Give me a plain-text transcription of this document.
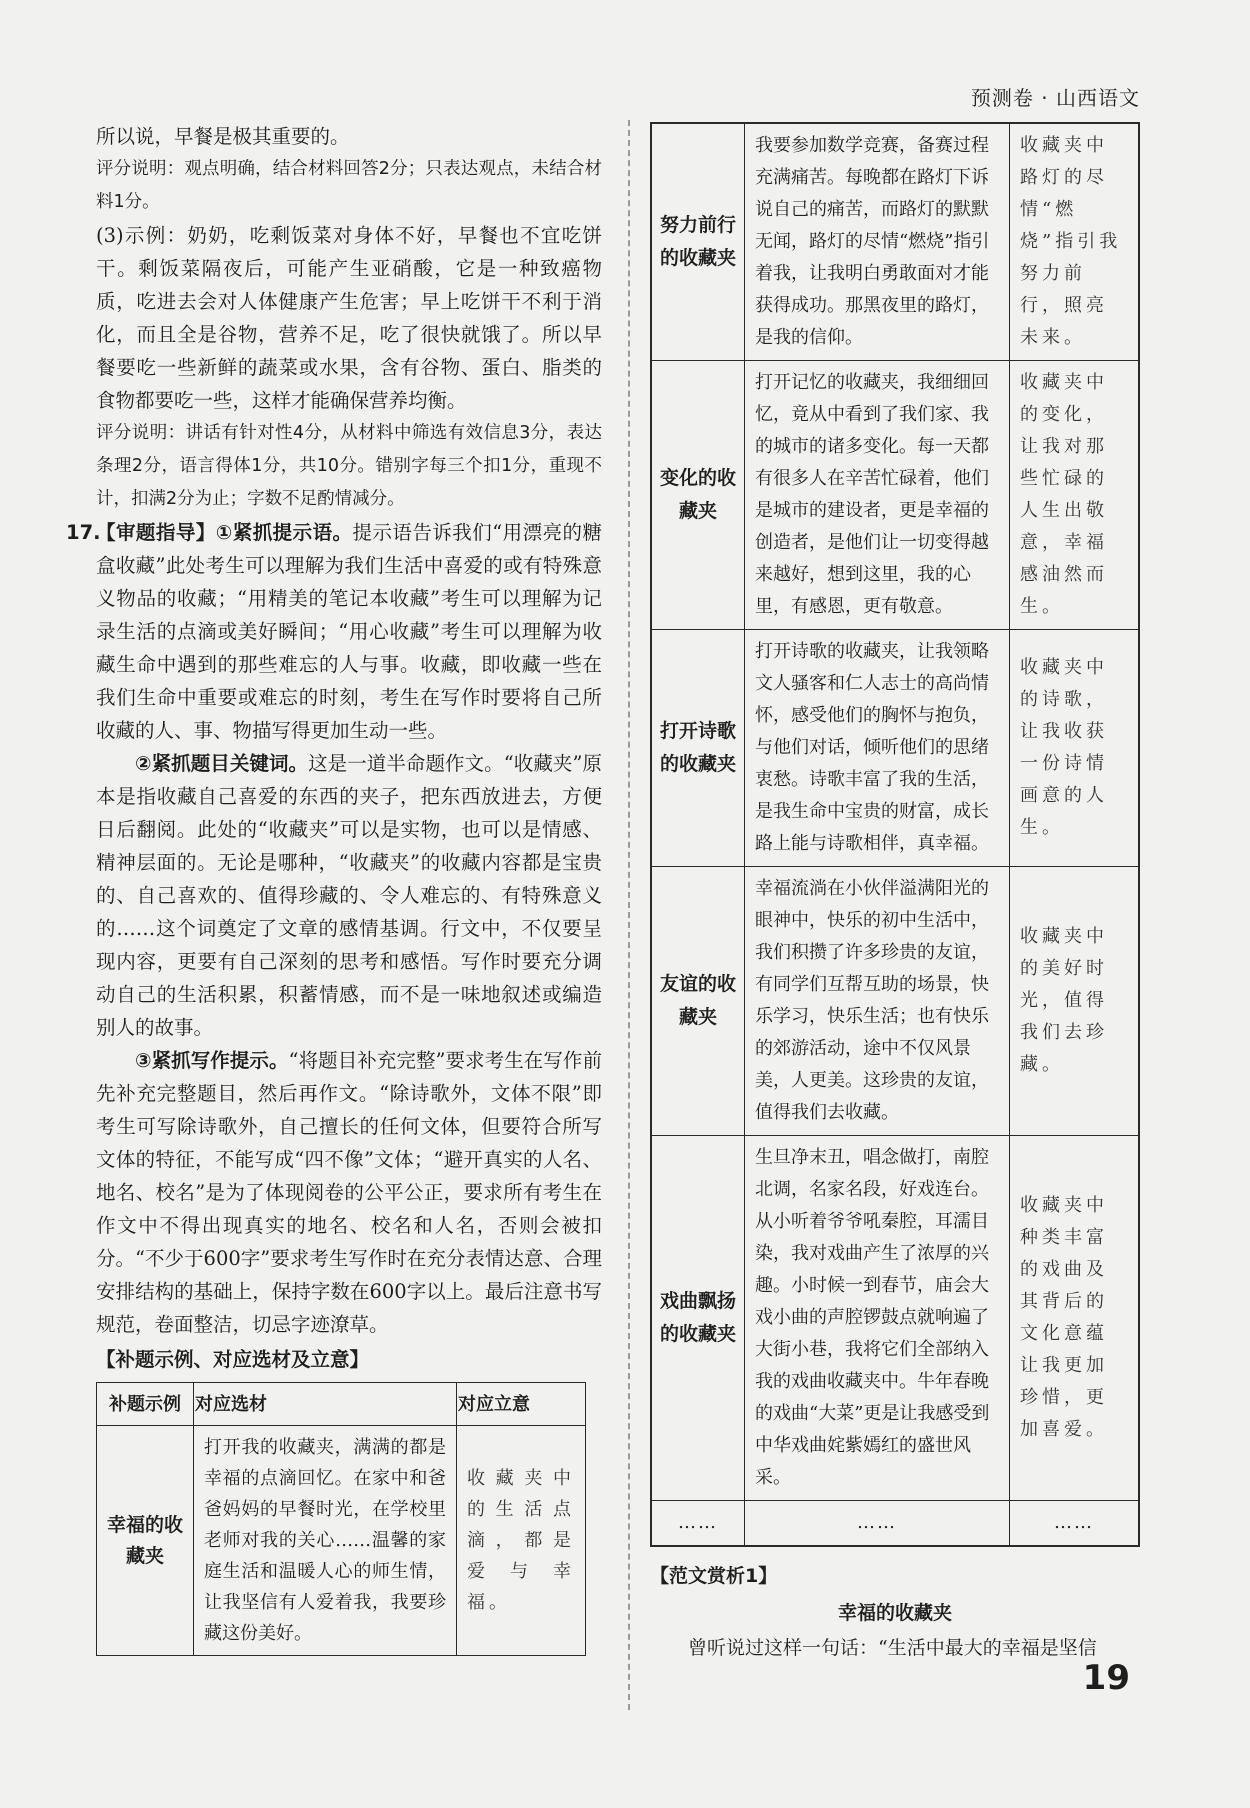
预测卷 · 山西语文

所以说，早餐是极其重要的。

评分说明：观点明确，结合材料回答2分；只表达观点，未结合材料1分。

(3)示例：奶奶，吃剩饭菜对身体不好，早餐也不宜吃饼干。剩饭菜隔夜后，可能产生亚硝酸，它是一种致癌物质，吃进去会对人体健康产生危害；早上吃饼干不利于消化，而且全是谷物，营养不足，吃了很快就饿了。所以早餐要吃一些新鲜的蔬菜或水果，含有谷物、蛋白、脂类的食物都要吃一些，这样才能确保营养均衡。

评分说明：讲话有针对性4分，从材料中筛选有效信息3分，表达条理2分，语言得体1分，共10分。错别字每三个扣1分，重现不计，扣满2分为止；字数不足酌情减分。

17.

【审题指导】①紧抓提示语。提示语告诉我们“用漂亮的糖盒收藏”此处考生可以理解为我们生活中喜爱的或有特殊意义物品的收藏；“用精美的笔记本收藏”考生可以理解为记录生活的点滴或美好瞬间；“用心收藏”考生可以理解为收藏生命中遇到的那些难忘的人与事。收藏，即收藏一些在我们生命中重要或难忘的时刻，考生在写作时要将自己所收藏的人、事、物描写得更加生动一些。

②紧抓题目关键词。这是一道半命题作文。“收藏夹”原本是指收藏自己喜爱的东西的夹子，把东西放进去，方便日后翻阅。此处的“收藏夹”可以是实物，也可以是情感、精神层面的。无论是哪种，“收藏夹”的收藏内容都是宝贵的、自己喜欢的、值得珍藏的、令人难忘的、有特殊意义的……这个词奠定了文章的感情基调。行文中，不仅要呈现内容，更要有自己深刻的思考和感悟。写作时要充分调动自己的生活积累，积蓄情感，而不是一味地叙述或编造别人的故事。

③紧抓写作提示。“将题目补充完整”要求考生在写作前先补充完整题目，然后再作文。“除诗歌外，文体不限”即考生可写除诗歌外，自己擅长的任何文体，但要符合所写文体的特征，不能写成“四不像”文体；“避开真实的人名、地名、校名”是为了体现阅卷的公平公正，要求所有考生在作文中不得出现真实的地名、校名和人名，否则会被扣分。“不少于600字”要求考生写作时在充分表情达意、合理安排结构的基础上，保持字数在600字以上。最后注意书写规范，卷面整洁，切忌字迹潦草。

【补题示例、对应选材及立意】
补题示例	对应选材	对应立意
幸福的收藏夹	打开我的收藏夹，满满的都是幸福的点滴回忆。在家中和爸爸妈妈的早餐时光，在学校里老师对我的关心……温馨的家庭生活和温暖人心的师生情，让我坚信有人爱着我，我要珍藏这份美好。	收藏夹中的生活点滴，都是爱与幸福。
努力前行的收藏夹	我要参加数学竞赛，备赛过程充满痛苦。每晚都在路灯下诉说自己的痛苦，而路灯的默默无闻，路灯的尽情“燃烧”指引着我，让我明白勇敢面对才能获得成功。那黑夜里的路灯，是我的信仰。	收藏夹中路灯的尽情“燃烧”指引我努力前行，照亮未来。
变化的收藏夹	打开记忆的收藏夹，我细细回忆，竟从中看到了我们家、我的城市的诸多变化。每一天都有很多人在辛苦忙碌着，他们是城市的建设者，更是幸福的创造者，是他们让一切变得越来越好，想到这里，我的心里，有感恩，更有敬意。	收藏夹中的变化，让我对那些忙碌的人生出敬意，幸福感油然而生。
打开诗歌的收藏夹	打开诗歌的收藏夹，让我领略文人骚客和仁人志士的高尚情怀，感受他们的胸怀与抱负，与他们对话，倾听他们的思绪衷愁。诗歌丰富了我的生活，是我生命中宝贵的财富，成长路上能与诗歌相伴，真幸福。	收藏夹中的诗歌，让我收获一份诗情画意的人生。
友谊的收藏夹	幸福流淌在小伙伴溢满阳光的眼神中，快乐的初中生活中，我们积攒了许多珍贵的友谊，有同学们互帮互助的场景，快乐学习，快乐生活；也有快乐的郊游活动，途中不仅风景美，人更美。这珍贵的友谊，值得我们去收藏。	收藏夹中的美好时光，值得我们去珍藏。
戏曲飘扬的收藏夹	生旦净末丑，唱念做打，南腔北调，名家名段，好戏连台。从小听着爷爷吼秦腔，耳濡目染，我对戏曲产生了浓厚的兴趣。小时候一到春节，庙会大戏小曲的声腔锣鼓点就响遍了大街小巷，我将它们全部纳入我的戏曲收藏夹中。牛年春晚的戏曲“大菜”更是让我感受到中华戏曲姹紫嫣红的盛世风采。	收藏夹中种类丰富的戏曲及其背后的文化意蕴让我更加珍惜，更加喜爱。
……	……	……
【范文赏析1】
幸福的收藏夹
曾听说过这样一句话：“生活中最大的幸福是坚信
19
